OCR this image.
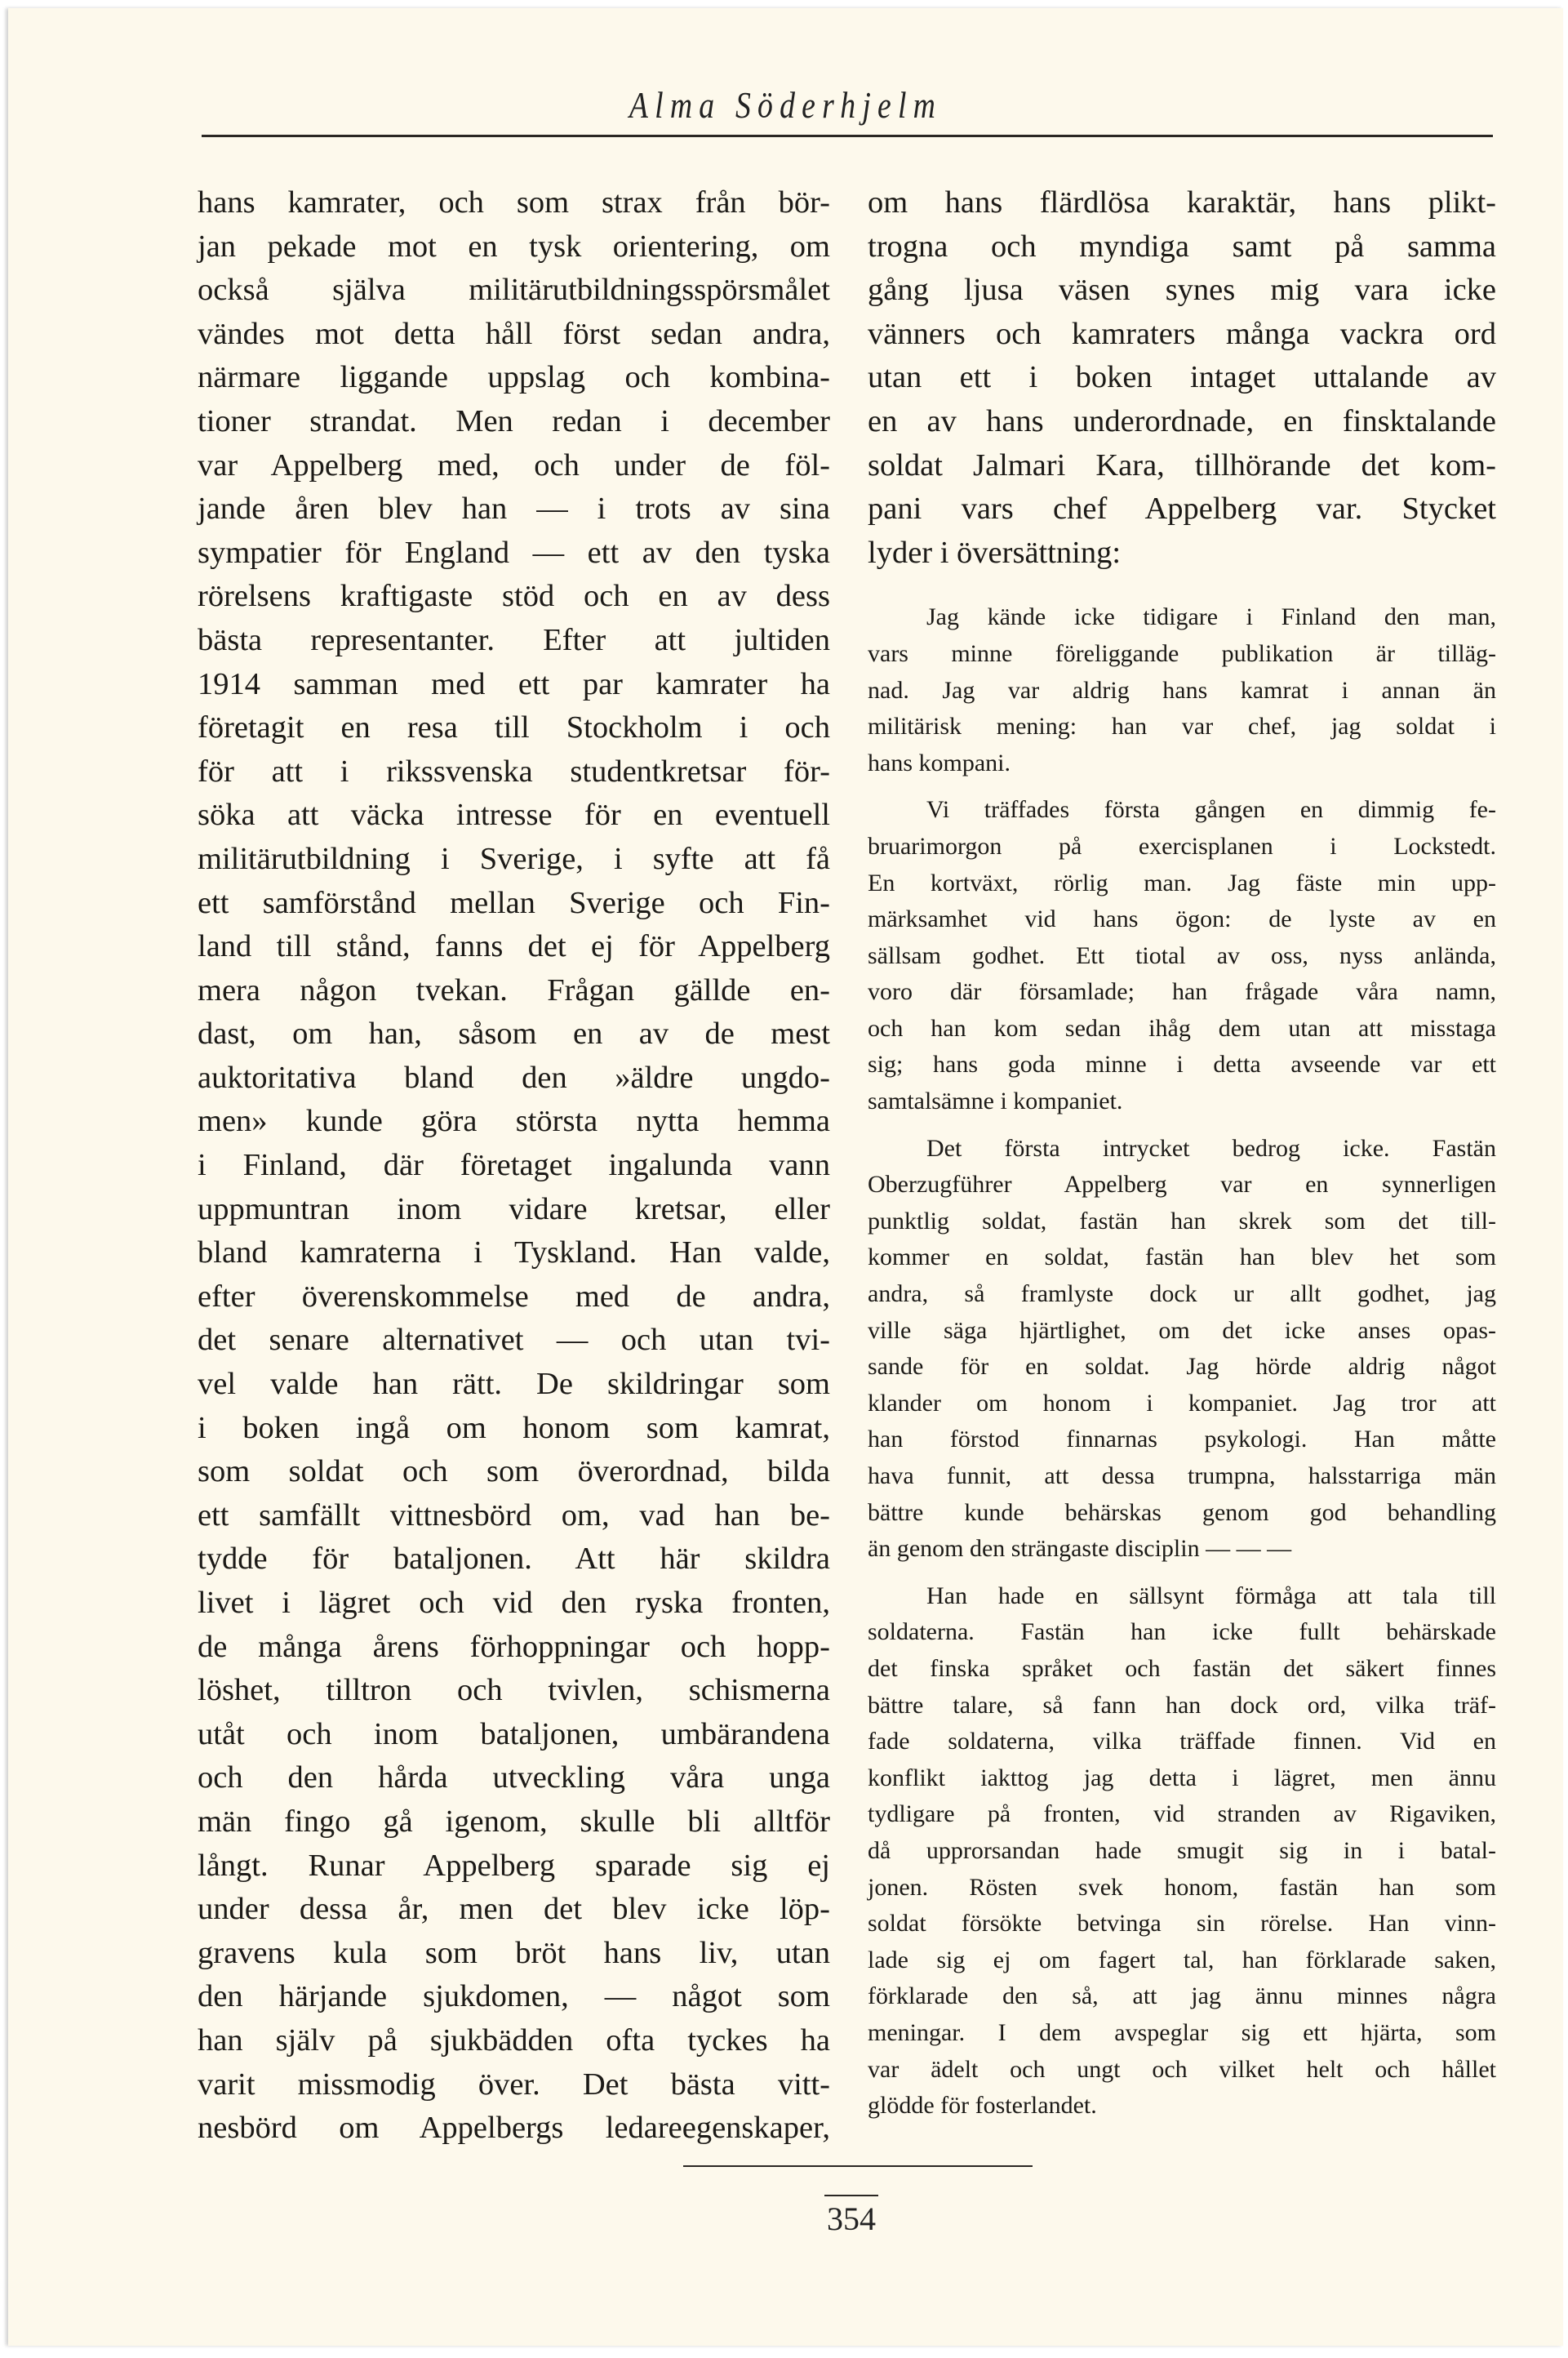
Alma Söderhjelm
hans kamrater, och som strax från bör-
jan pekade mot en tysk orientering, om
också själva militärutbildningsspörsmålet
vändes mot detta håll först sedan andra,
närmare liggande uppslag och kombina-
tioner strandat. Men redan i december
var Appelberg med, och under de föl-
jande åren blev han — i trots av sina
sympatier för England — ett av den tyska
rörelsens kraftigaste stöd och en av dess
bästa representanter. Efter att jultiden
1914 samman med ett par kamrater ha
företagit en resa till Stockholm i och
för att i rikssvenska studentkretsar för-
söka att väcka intresse för en eventuell
militärutbildning i Sverige, i syfte att få
ett samförstånd mellan Sverige och Fin-
land till stånd, fanns det ej för Appelberg
mera någon tvekan. Frågan gällde en-
dast, om han, såsom en av de mest
auktoritativa bland den »äldre ungdo-
men» kunde göra största nytta hemma
i Finland, där företaget ingalunda vann
uppmuntran inom vidare kretsar, eller
bland kamraterna i Tyskland. Han valde,
efter överenskommelse med de andra,
det senare alternativet — och utan tvi-
vel valde han rätt. De skildringar som
i boken ingå om honom som kamrat,
som soldat och som överordnad, bilda
ett samfällt vittnesbörd om, vad han be-
tydde för bataljonen. Att här skildra
livet i lägret och vid den ryska fronten,
de många årens förhoppningar och hopp-
löshet, tilltron och tvivlen, schismerna
utåt och inom bataljonen, umbärandena
och den hårda utveckling våra unga
män fingo gå igenom, skulle bli alltför
långt. Runar Appelberg sparade sig ej
under dessa år, men det blev icke löp-
gravens kula som bröt hans liv, utan
den härjande sjukdomen, — något som
han själv på sjukbädden ofta tyckes ha
varit missmodig över. Det bästa vitt-
nesbörd om Appelbergs ledareegenskaper,
om hans flärdlösa karaktär, hans plikt-
trogna och myndiga samt på samma
gång ljusa väsen synes mig vara icke
vänners och kamraters många vackra ord
utan ett i boken intaget uttalande av
en av hans underordnade, en finsktalande
soldat Jalmari Kara, tillhörande det kom-
pani vars chef Appelberg var. Stycket
lyder i översättning:
Jag kände icke tidigare i Finland den man,
vars minne föreliggande publikation är tilläg-
nad. Jag var aldrig hans kamrat i annan än
militärisk mening: han var chef, jag soldat i
hans kompani.
Vi träffades första gången en dimmig fe-
bruarimorgon på exercisplanen i Lockstedt.
En kortväxt, rörlig man. Jag fäste min upp-
märksamhet vid hans ögon: de lyste av en
sällsam godhet. Ett tiotal av oss, nyss anlända,
voro där församlade; han frågade våra namn,
och han kom sedan ihåg dem utan att misstaga
sig; hans goda minne i detta avseende var ett
samtalsämne i kompaniet.
Det första intrycket bedrog icke. Fastän
Oberzugführer Appelberg var en synnerligen
punktlig soldat, fastän han skrek som det till-
kommer en soldat, fastän han blev het som
andra, så framlyste dock ur allt godhet, jag
ville säga hjärtlighet, om det icke anses opas-
sande för en soldat. Jag hörde aldrig något
klander om honom i kompaniet. Jag tror att
han förstod finnarnas psykologi. Han måtte
hava funnit, att dessa trumpna, halsstarriga män
bättre kunde behärskas genom god behandling
än genom den strängaste disciplin — — —
Han hade en sällsynt förmåga att tala till
soldaterna. Fastän han icke fullt behärskade
det finska språket och fastän det säkert finnes
bättre talare, så fann han dock ord, vilka träf-
fade soldaterna, vilka träffade finnen. Vid en
konflikt iakttog jag detta i lägret, men ännu
tydligare på fronten, vid stranden av Rigaviken,
då upprorsandan hade smugit sig in i batal-
jonen. Rösten svek honom, fastän han som
soldat försökte betvinga sin rörelse. Han vinn-
lade sig ej om fagert tal, han förklarade saken,
förklarade den så, att jag ännu minnes några
meningar. I dem avspeglar sig ett hjärta, som
var ädelt och ungt och vilket helt och hållet
glödde för fosterlandet.
354
